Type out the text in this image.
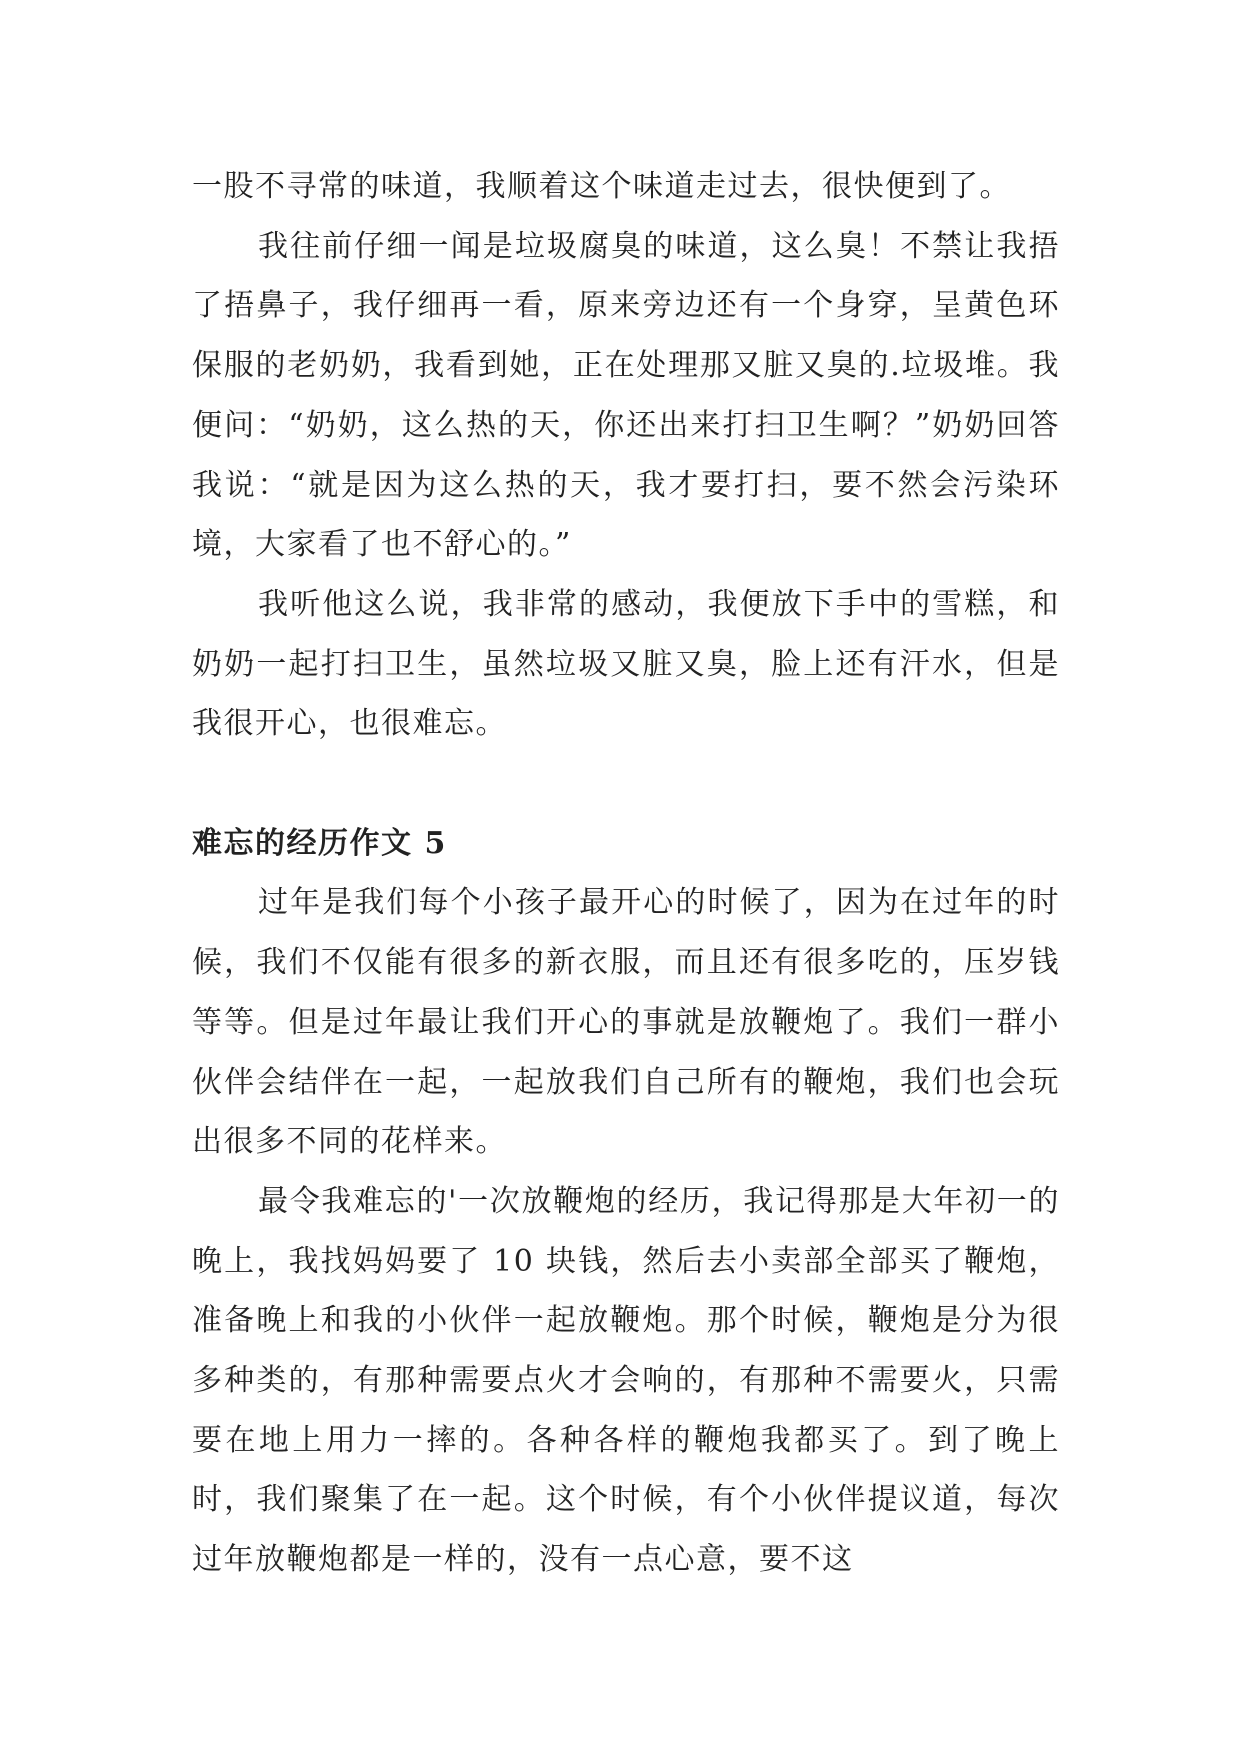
一股不寻常的味道，我顺着这个味道走过去，很快便到了。

我往前仔细一闻是垃圾腐臭的味道，这么臭！不禁让我捂了捂鼻子，我仔细再一看，原来旁边还有一个身穿，呈黄色环保服的老奶奶，我看到她，正在处理那又脏又臭的.垃圾堆。我便问：“奶奶，这么热的天，你还出来打扫卫生啊？”奶奶回答我说：“就是因为这么热的天，我才要打扫，要不然会污染环境，大家看了也不舒心的。”

我听他这么说，我非常的感动，我便放下手中的雪糕，和奶奶一起打扫卫生，虽然垃圾又脏又臭，脸上还有汗水，但是我很开心，也很难忘。

难忘的经历作文 5

过年是我们每个小孩子最开心的时候了，因为在过年的时候，我们不仅能有很多的新衣服，而且还有很多吃的，压岁钱等等。但是过年最让我们开心的事就是放鞭炮了。我们一群小伙伴会结伴在一起，一起放我们自己所有的鞭炮，我们也会玩出很多不同的花样来。

最令我难忘的'一次放鞭炮的经历，我记得那是大年初一的晚上，我找妈妈要了 10 块钱，然后去小卖部全部买了鞭炮，准备晚上和我的小伙伴一起放鞭炮。那个时候，鞭炮是分为很多种类的，有那种需要点火才会响的，有那种不需要火，只需要在地上用力一摔的。各种各样的鞭炮我都买了。到了晚上时，我们聚集了在一起。这个时候，有个小伙伴提议道，每次过年放鞭炮都是一样的，没有一点心意，要不这
